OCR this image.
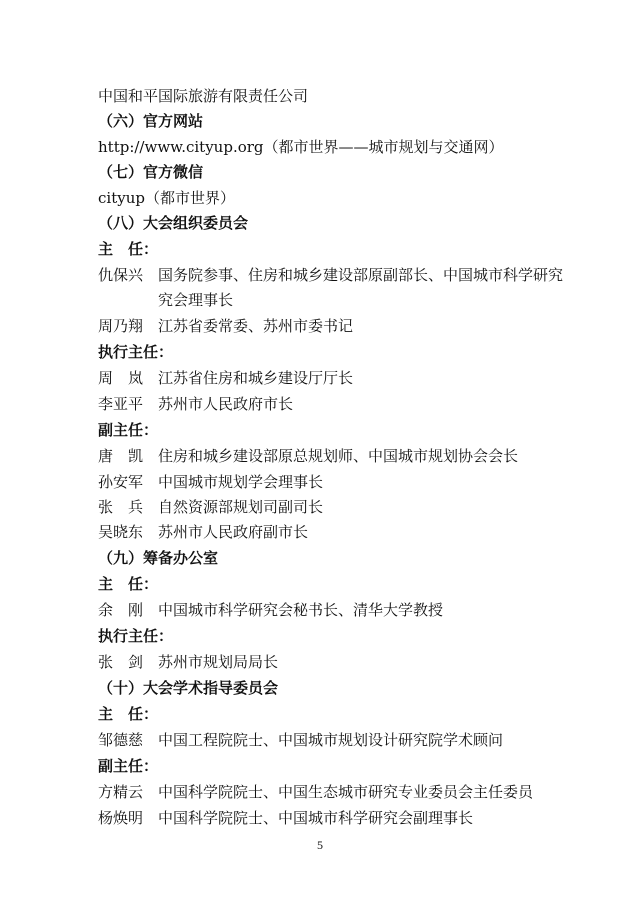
中国和平国际旅游有限责任公司
（六）官方网站
http://www.cityup.org（都市世界——城市规划与交通网）
（七）官方微信
cityup（都市世界）
（八）大会组织委员会
主　任：
仇保兴 国务院参事、住房和城乡建设部原副部长、中国城市科学研究
究会理事长
周乃翔 江苏省委常委、苏州市委书记
执行主任：
周　岚 江苏省住房和城乡建设厅厅长
李亚平 苏州市人民政府市长
副主任：
唐　凯 住房和城乡建设部原总规划师、中国城市规划协会会长
孙安军 中国城市规划学会理事长
张　兵 自然资源部规划司副司长
吴晓东 苏州市人民政府副市长
（九）筹备办公室
主　任：
余　刚 中国城市科学研究会秘书长、清华大学教授
执行主任：
张　剑 苏州市规划局局长
（十）大会学术指导委员会
主　任：
邹德慈 中国工程院院士、中国城市规划设计研究院学术顾问
副主任：
方精云 中国科学院院士、中国生态城市研究专业委员会主任委员
杨焕明 中国科学院院士、中国城市科学研究会副理事长
5
